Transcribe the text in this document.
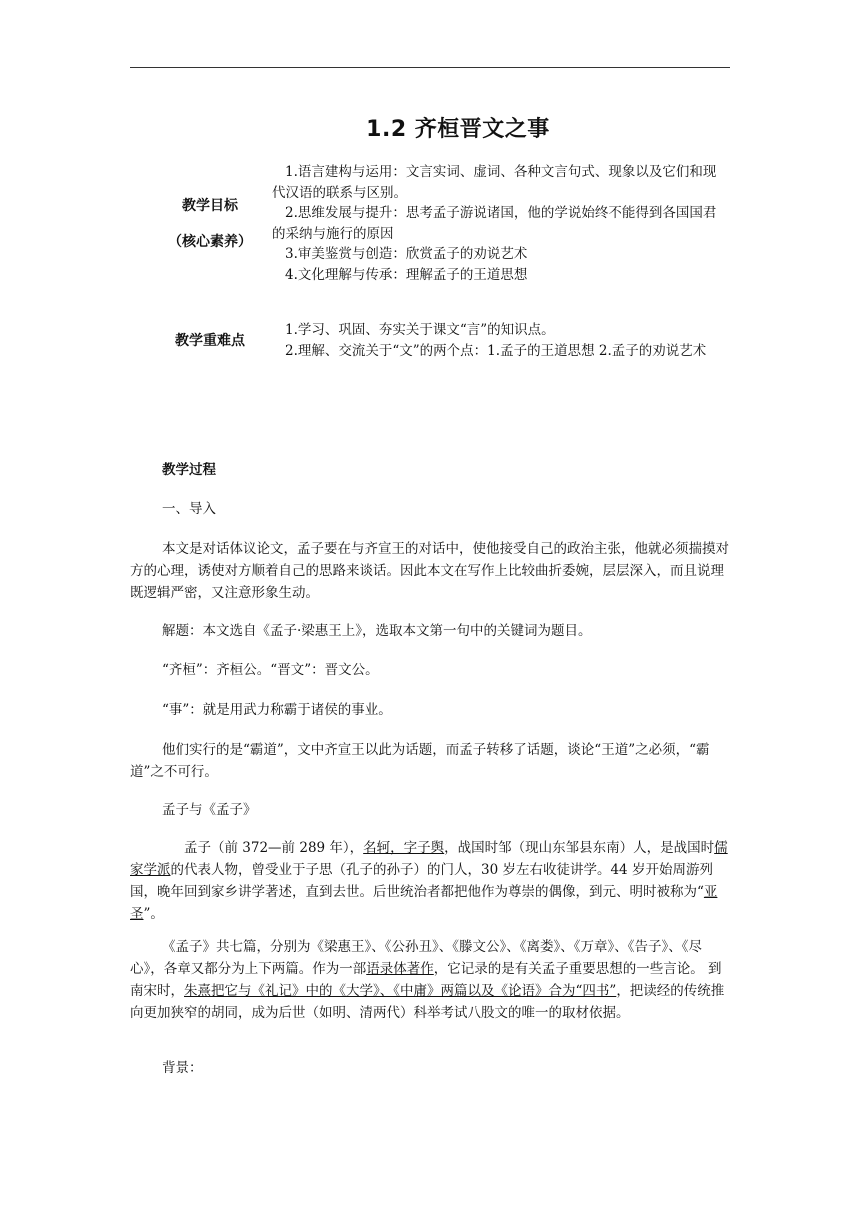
1.2 齐桓晋文之事
教学目标
（核心素养）

1.语言建构与运用：文言实词、虚词、各种文言句式、现象以及它们和现代汉语的联系与区别。

2.思维发展与提升：思考孟子游说诸国，他的学说始终不能得到各国国君的采纳与施行的原因

3.审美鉴赏与创造：欣赏孟子的劝说艺术

4.文化理解与传承：理解孟子的王道思想

教学重难点

1.学习、巩固、夯实关于课文“言”的知识点。

2.理解、交流关于“文”的两个点：1.孟子的王道思想 2.孟子的劝说艺术

教学过程

一、导入

本文是对话体议论文，孟子要在与齐宣王的对话中，使他接受自己的政治主张，他就必须揣摸对方的心理，诱使对方顺着自己的思路来谈话。因此本文在写作上比较曲折委婉，层层深入，而且说理既逻辑严密，又注意形象生动。

解题：本文选自《孟子·梁惠王上》，选取本文第一句中的关键词为题目。

“齐桓”：齐桓公。“晋文”：晋文公。

“事”：就是用武力称霸于诸侯的事业。

他们实行的是“霸道”，文中齐宣王以此为话题，而孟子转移了话题，谈论“王道”之必须，“霸道”之不可行。

孟子与《孟子》

孟子（前 372—前 289 年），名轲，字子舆，战国时邹（现山东邹县东南）人，是战国时儒家学派的代表人物，曾受业于子思（孔子的孙子）的门人，30 岁左右收徒讲学。44 岁开始周游列国，晚年回到家乡讲学著述，直到去世。后世统治者都把他作为尊崇的偶像，到元、明时被称为“亚圣”。

《孟子》共七篇，分别为《梁惠王》、《公孙丑》、《滕文公》、《离娄》、《万章》、《告子》、《尽心》，各章又都分为上下两篇。作为一部语录体著作，它记录的是有关孟子重要思想的一些言论。 到南宋时，朱熹把它与《礼记》中的《大学》、《中庸》两篇以及《论语》合为“四书”，把读经的传统推向更加狭窄的胡同，成为后世（如明、清两代）科举考试八股文的唯一的取材依据。

背景：
